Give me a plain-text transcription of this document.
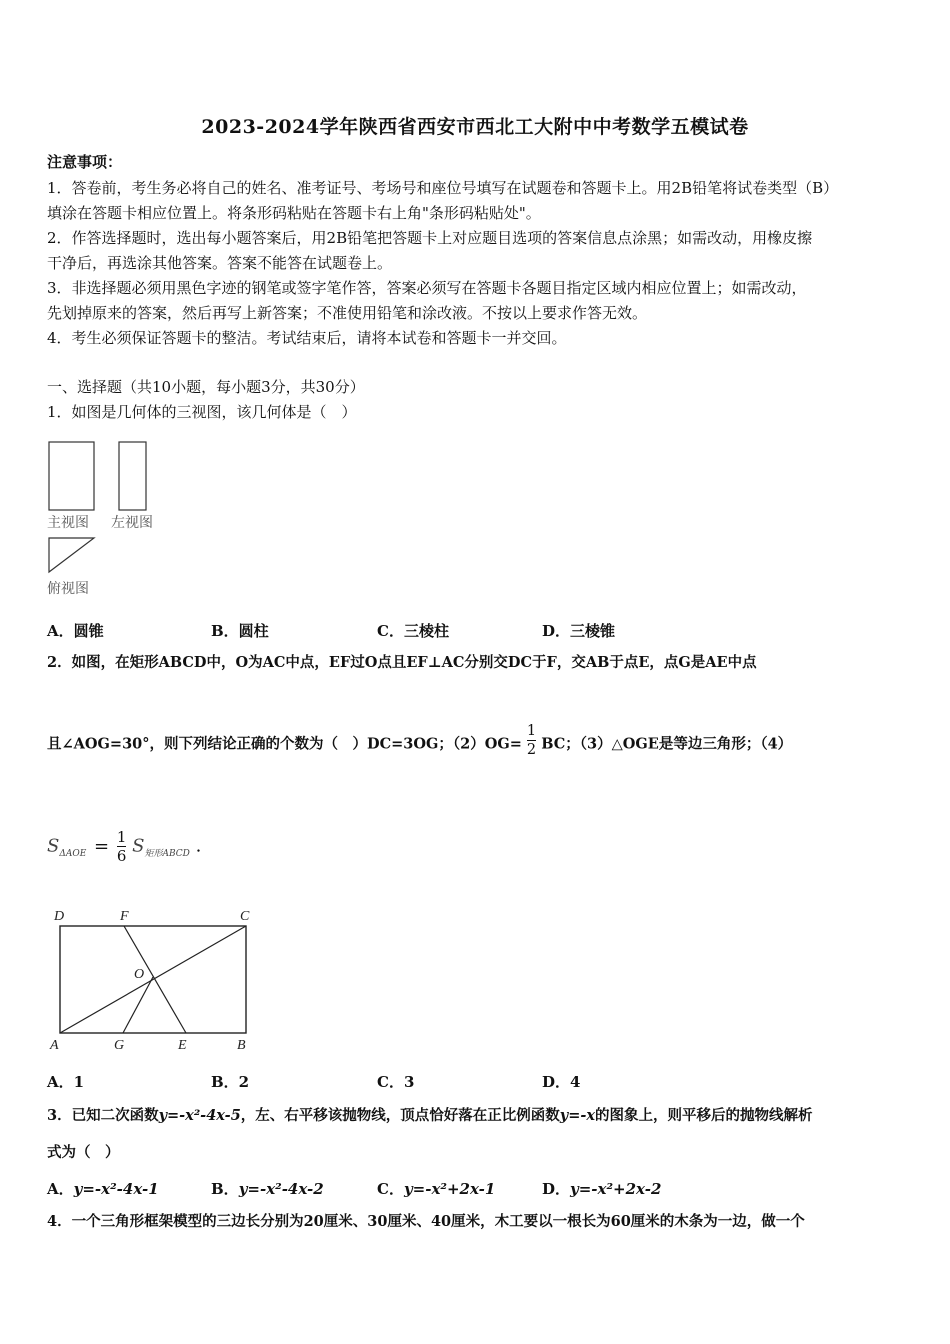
2023-2024学年陕西省西安市西北工大附中中考数学五模试卷
注意事项：
1．答卷前，考生务必将自己的姓名、准考证号、考场号和座位号填写在试题卷和答题卡上。用2B铅笔将试卷类型（B）
填涂在答题卡相应位置上。将条形码粘贴在答题卡右上角"条形码粘贴处"。
2．作答选择题时，选出每小题答案后，用2B铅笔把答题卡上对应题目选项的答案信息点涂黑；如需改动，用橡皮擦
干净后，再选涂其他答案。答案不能答在试题卷上。
3．非选择题必须用黑色字迹的钢笔或签字笔作答，答案必须写在答题卡各题目指定区域内相应位置上；如需改动，
先划掉原来的答案，然后再写上新答案；不准使用铅笔和涂改液。不按以上要求作答无效。
4．考生必须保证答题卡的整洁。考试结束后，请将本试卷和答题卡一并交回。
一、选择题（共10小题，每小题3分，共30分）
1．如图是几何体的三视图，该几何体是（　）
主视图 左视图
俯视图
A．圆锥	B．圆柱	C．三棱柱	D．三棱锥
2．如图，在矩形ABCD中，O为AC中点，EF过O点且EF⊥AC分别交DC于F，交AB于点E，点G是AE中点
且∠AOG=30°，则下列结论正确的个数为（　）DC=3OG；$(2)OG= \frac{1}{2}$ BC；（3）△OGE是等边三角形；（4）
$S_{\Delta AOE} = \frac{1}{6} S_{矩形ABCD}$ .
D	F	C
O
A	G	E	B
A．1	B．2	C．3	D．4
3．已知二次函数y=-x²-4x-5，左、右平移该抛物线，顶点恰好落在正比例函数y=-x的图象上，则平移后的抛物线解析
式为（　）
A．y=-x²-4x-1	B．y=-x²-4x-2	C．y=-x²+2x-1	D．y=-x²+2x-2
4．一个三角形框架模型的三边长分别为20厘米、30厘米、40厘米，木工要以一根长为60厘米的木条为一边，做一个
